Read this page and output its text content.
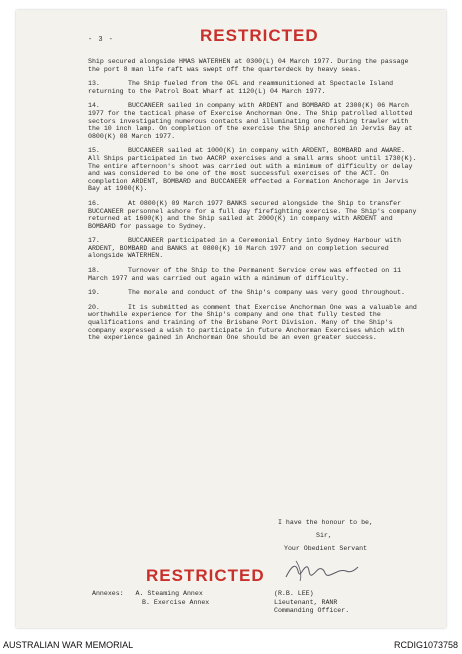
RESTRICTED
- 3 -

Ship secured alongside HMAS WATERHEN at 0300(L) 04 March 1977. During the passage the port 8 man life raft was swept off the quarterdeck by heavy seas.

13.	The Ship fueled from the OFL and reammunitioned at Spectacle Island returning to the Patrol Boat Wharf at 1120(L) 04 March 1977.

14.	BUCCANEER sailed in company with ARDENT and BOMBARD at 2300(K) 06 March 1977 for the tactical phase of Exercise Anchorman One. The Ship patrolled allotted sectors investigating numerous contacts and illuminating one fishing trawler with the 10 inch lamp. On completion of the exercise the Ship anchored in Jervis Bay at 0800(K) 08 March 1977.

15.	BUCCANEER sailed at 1000(K) in company with ARDENT, BOMBARD and AWARE. All Ships participated in two AACRP exercises and a small arms shoot until 1730(K). The entire afternoon's shoot was carried out with a minimum of difficulty or delay and was considered to be one of the most successful exercises of the ACT. On completion ARDENT, BOMBARD and BUCCANEER effected a Formation Anchorage in Jervis Bay at 1900(K).

16.	At 0800(K) 09 March 1977 BANKS secured alongside the Ship to transfer BUCCANEER personnel ashore for a full day firefighting exercise. The Ship's company returned at 1600(K) and the Ship sailed at 2000(K) in company with ARDENT and BOMBARD for passage to Sydney.

17.	BUCCANEER participated in a Ceremonial Entry into Sydney Harbour with ARDENT, BOMBARD and BANKS at 0800(K) 10 March 1977 and on completion secured alongside WATERHEN.

18.	Turnover of the Ship to the Permanent Service crew was effected on 11 March 1977 and was carried out again with a minimum of difficulty.

19.	The morale and conduct of the Ship's company was very good throughout.

20.	It is submitted as comment that Exercise Anchorman One was a valuable and worthwhile experience for the Ship's company and one that fully tested the qualifications and training of the Brisbane Port Division. Many of the Ship's company expressed a wish to participate in future Anchorman Exercises which with the experience gained in Anchorman One should be an even greater success.

I have the honour to be,
Sir,
Your Obedient Servant
RESTRICTED
Annexes: A. Steaming Annex
B. Exercise Annex
(R.B. LEE)
Lieutenant, RANR
Commanding Officer.
AUSTRALIAN WAR MEMORIAL	RCDIG1073758
